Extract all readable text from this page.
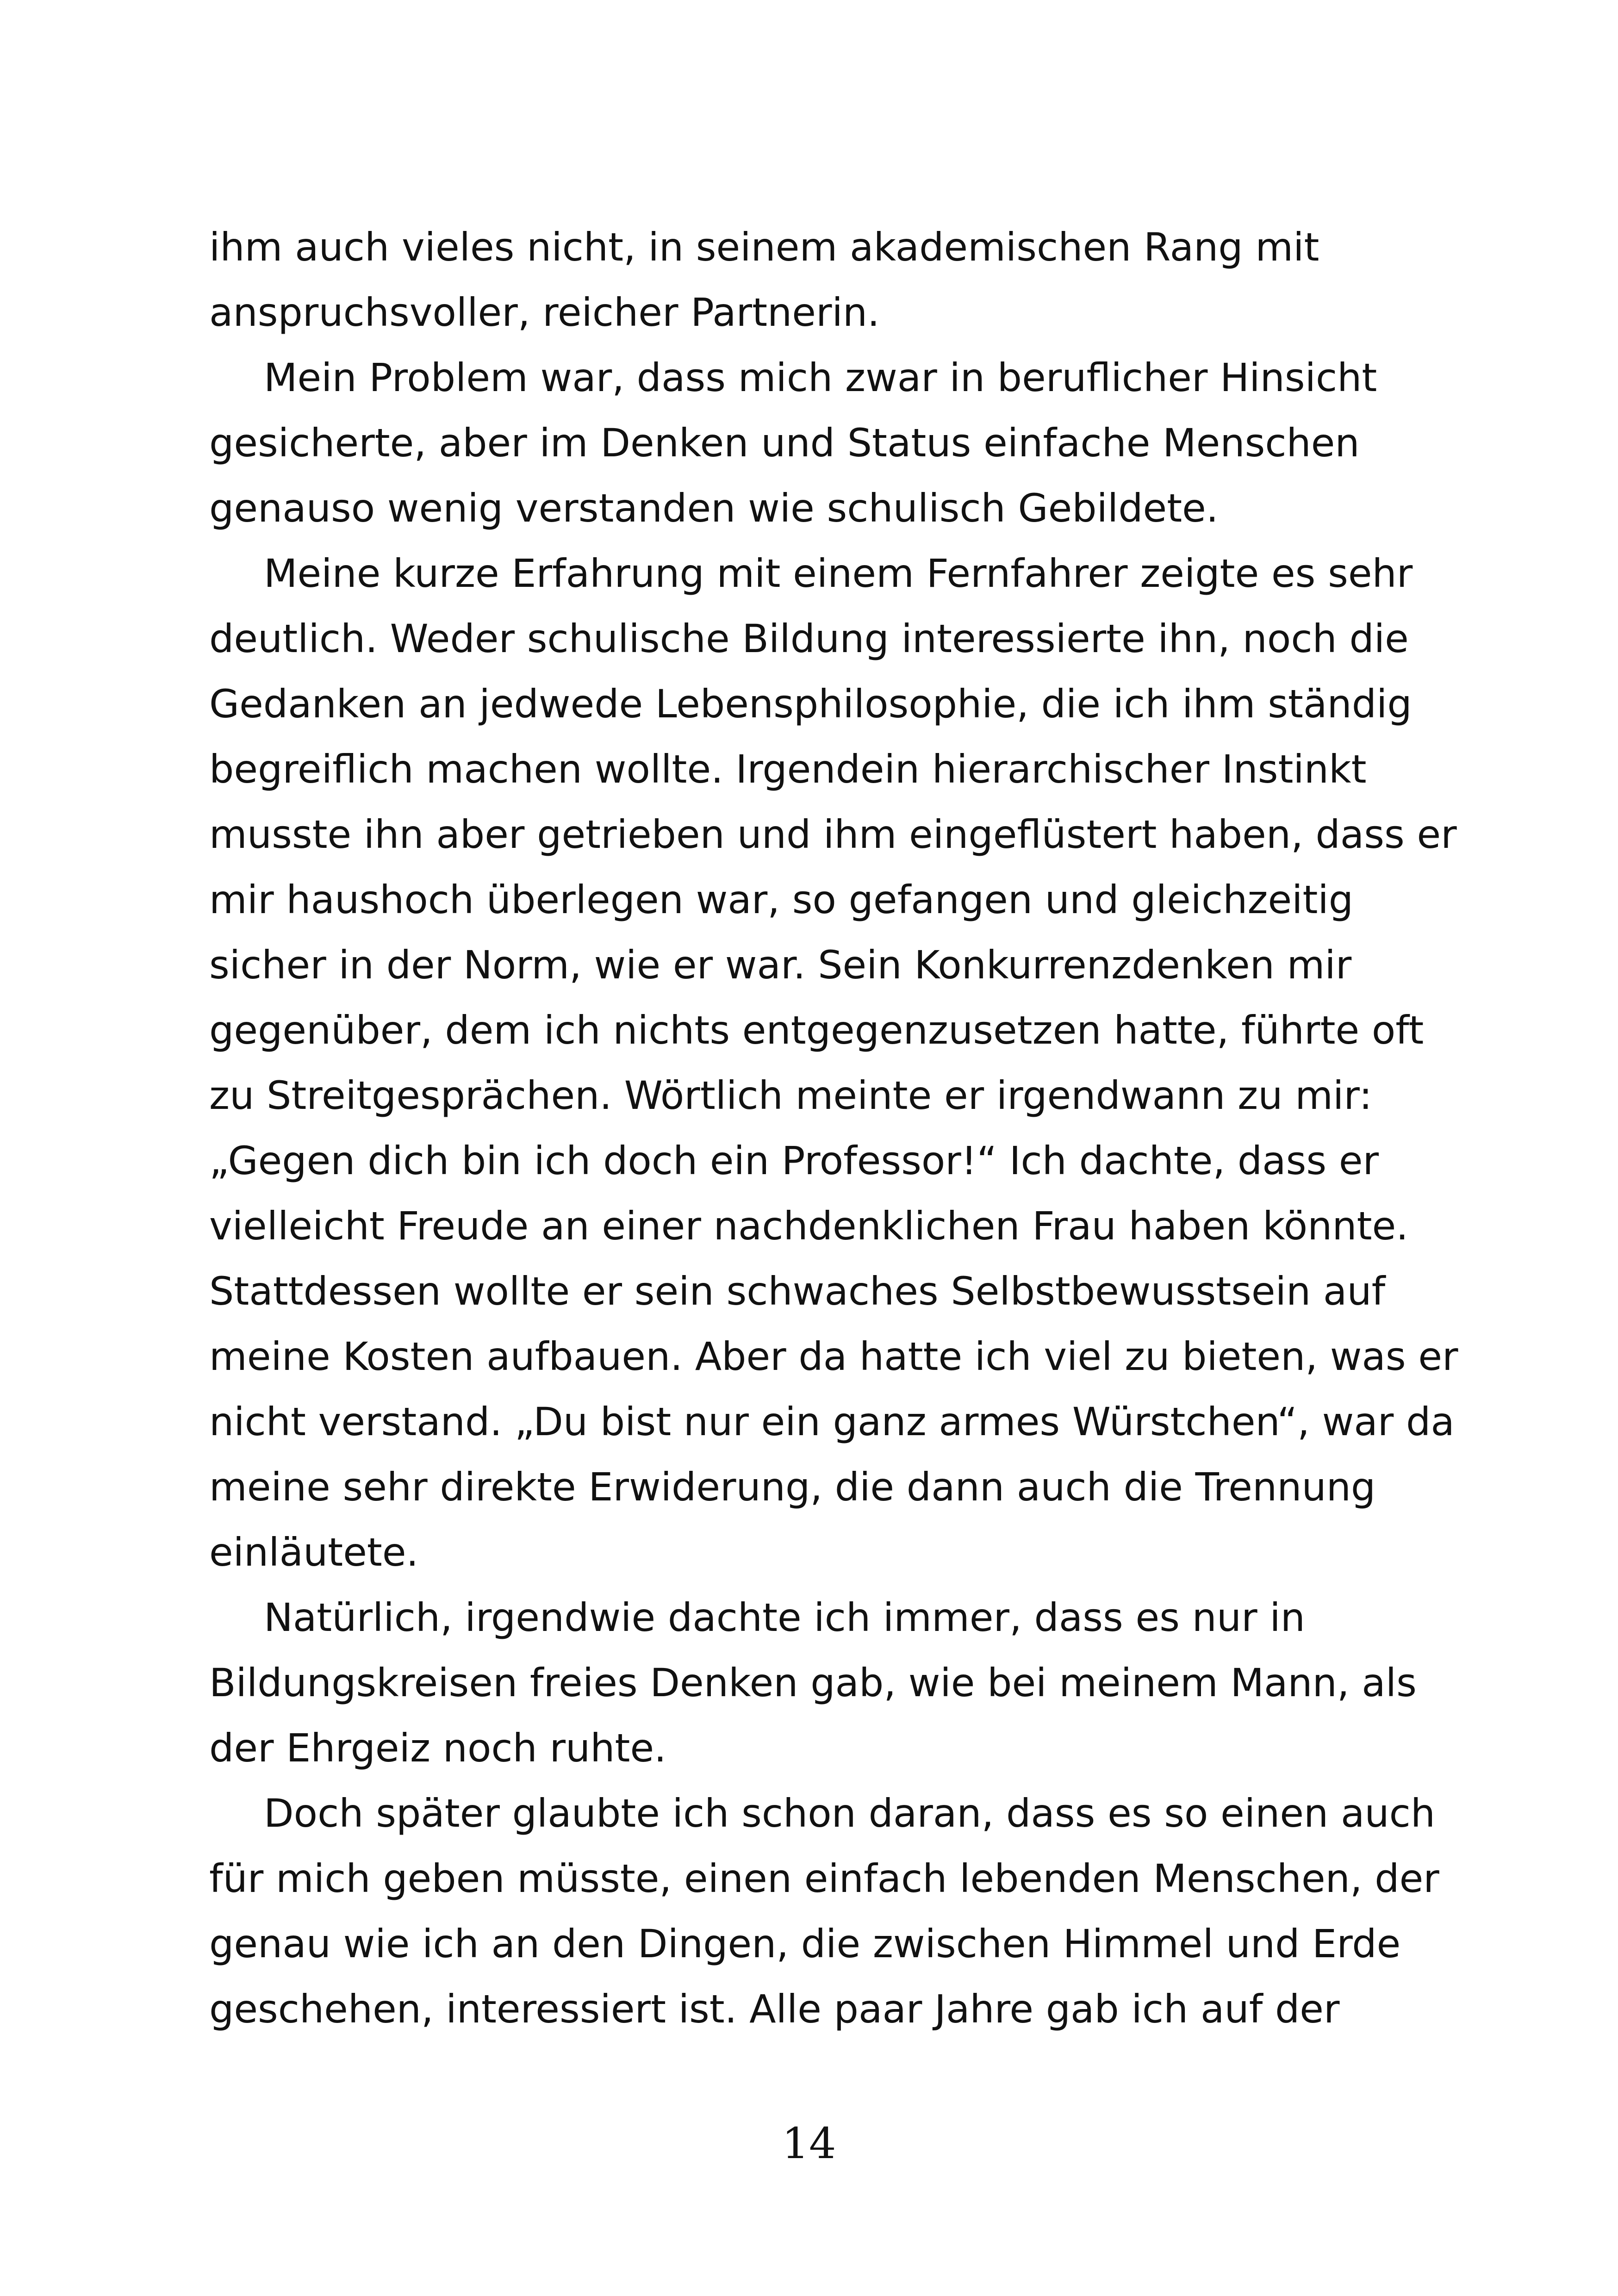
ihm auch vieles nicht, in seinem akademischen Rang mit
anspruchsvoller, reicher Partnerin.
Mein Problem war, dass mich zwar in beruflicher Hinsicht
gesicherte, aber im Denken und Status einfache Menschen
genauso wenig verstanden wie schulisch Gebildete.
Meine kurze Erfahrung mit einem Fernfahrer zeigte es sehr
deutlich. Weder schulische Bildung interessierte ihn, noch die
Gedanken an jedwede Lebensphilosophie, die ich ihm ständig
begreiflich machen wollte. Irgendein hierarchischer Instinkt
musste ihn aber getrieben und ihm eingeflüstert haben, dass er
mir haushoch überlegen war, so gefangen und gleichzeitig
sicher in der Norm, wie er war. Sein Konkurrenzdenken mir
gegenüber, dem ich nichts entgegenzusetzen hatte, führte oft
zu Streitgesprächen. Wörtlich meinte er irgendwann zu mir:
„Gegen dich bin ich doch ein Professor!“ Ich dachte, dass er
vielleicht Freude an einer nachdenklichen Frau haben könnte.
Stattdessen wollte er sein schwaches Selbstbewusstsein auf
meine Kosten aufbauen. Aber da hatte ich viel zu bieten, was er
nicht verstand. „Du bist nur ein ganz armes Würstchen“, war da
meine sehr direkte Erwiderung, die dann auch die Trennung
einläutete.
Natürlich, irgendwie dachte ich immer, dass es nur in
Bildungskreisen freies Denken gab, wie bei meinem Mann, als
der Ehrgeiz noch ruhte.
Doch später glaubte ich schon daran, dass es so einen auch
für mich geben müsste, einen einfach lebenden Menschen, der
genau wie ich an den Dingen, die zwischen Himmel und Erde
geschehen, interessiert ist. Alle paar Jahre gab ich auf der
14
